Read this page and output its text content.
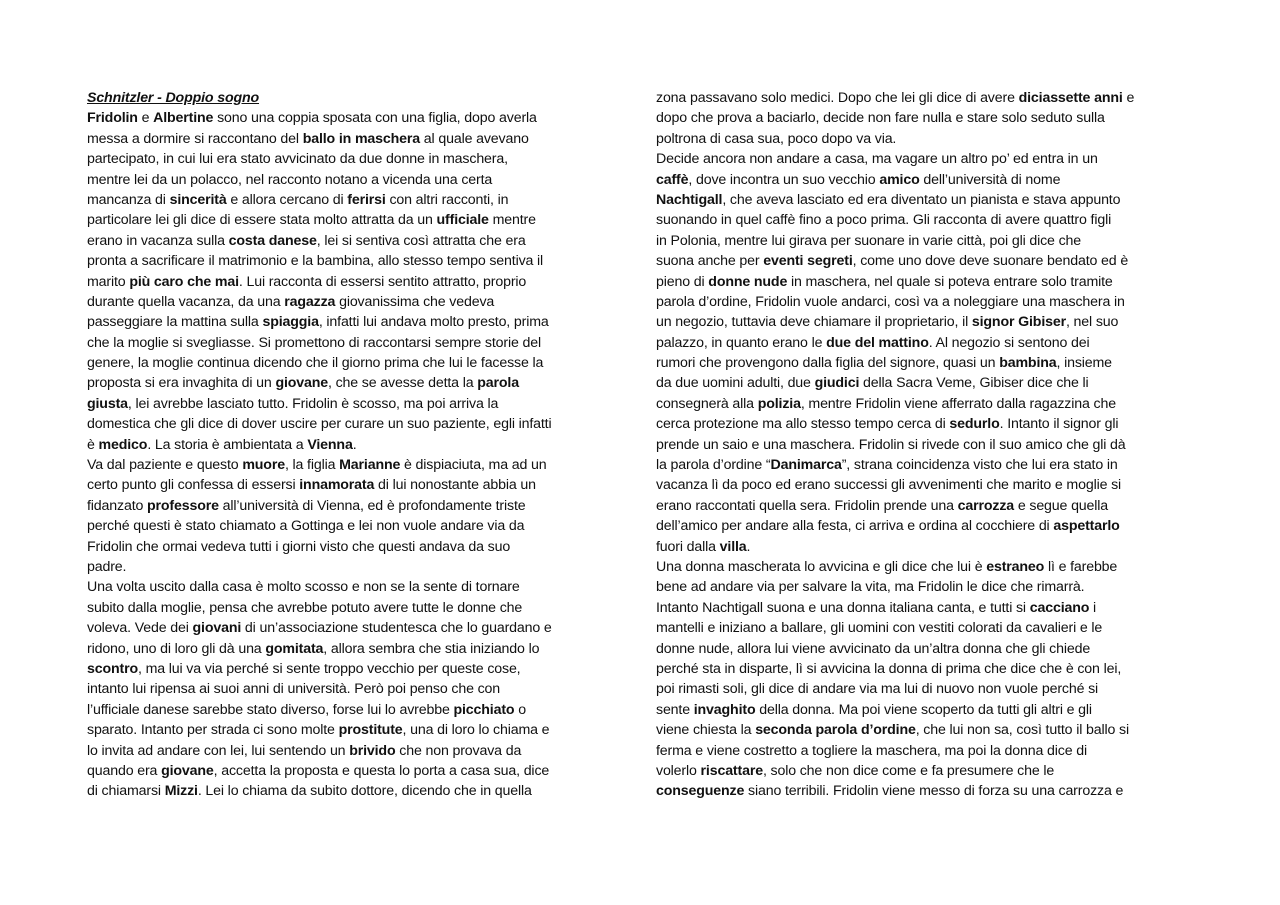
Schnitzler - Doppio sogno
Fridolin e Albertine sono una coppia sposata con una figlia, dopo averla
messa a dormire si raccontano del ballo in maschera al quale avevano
partecipato, in cui lui era stato avvicinato da due donne in maschera,
mentre lei da un polacco, nel racconto notano a vicenda una certa
mancanza di sincerità e allora cercano di ferirsi con altri racconti, in
particolare lei gli dice di essere stata molto attratta da un ufficiale mentre
erano in vacanza sulla costa danese, lei si sentiva così attratta che era
pronta a sacrificare il matrimonio e la bambina, allo stesso tempo sentiva il
marito più caro che mai. Lui racconta di essersi sentito attratto, proprio
durante quella vacanza, da una ragazza giovanissima che vedeva
passeggiare la mattina sulla spiaggia, infatti lui andava molto presto, prima
che la moglie si svegliasse. Si promettono di raccontarsi sempre storie del
genere, la moglie continua dicendo che il giorno prima che lui le facesse la
proposta si era invaghita di un giovane, che se avesse detta la parola
giusta, lei avrebbe lasciato tutto. Fridolin è scosso, ma poi arriva la
domestica che gli dice di dover uscire per curare un suo paziente, egli infatti
è medico. La storia è ambientata a Vienna.
Va dal paziente e questo muore, la figlia Marianne è dispiaciuta, ma ad un
certo punto gli confessa di essersi innamorata di lui nonostante abbia un
fidanzato professore all’università di Vienna, ed è profondamente triste
perché questi è stato chiamato a Gottinga e lei non vuole andare via da
Fridolin che ormai vedeva tutti i giorni visto che questi andava da suo
padre.
Una volta uscito dalla casa è molto scosso e non se la sente di tornare
subito dalla moglie, pensa che avrebbe potuto avere tutte le donne che
voleva. Vede dei giovani di un’associazione studentesca che lo guardano e
ridono, uno di loro gli dà una gomitata, allora sembra che stia iniziando lo
scontro, ma lui va via perché si sente troppo vecchio per queste cose,
intanto lui ripensa ai suoi anni di università. Però poi penso che con
l’ufficiale danese sarebbe stato diverso, forse lui lo avrebbe picchiato o
sparato. Intanto per strada ci sono molte prostitute, una di loro lo chiama e
lo invita ad andare con lei, lui sentendo un brivido che non provava da
quando era giovane, accetta la proposta e questa lo porta a casa sua, dice
di chiamarsi Mizzi. Lei lo chiama da subito dottore, dicendo che in quella
zona passavano solo medici. Dopo che lei gli dice di avere diciassette anni e
dopo che prova a baciarlo, decide non fare nulla e stare solo seduto sulla
poltrona di casa sua, poco dopo va via.
Decide ancora non andare a casa, ma vagare un altro po’ ed entra in un
caffè, dove incontra un suo vecchio amico dell’università di nome
Nachtigall, che aveva lasciato ed era diventato un pianista e stava appunto
suonando in quel caffè fino a poco prima. Gli racconta di avere quattro figli
in Polonia, mentre lui girava per suonare in varie città, poi gli dice che
suona anche per eventi segreti, come uno dove deve suonare bendato ed è
pieno di donne nude in maschera, nel quale si poteva entrare solo tramite
parola d’ordine, Fridolin vuole andarci, così va a noleggiare una maschera in
un negozio, tuttavia deve chiamare il proprietario, il signor Gibiser, nel suo
palazzo, in quanto erano le due del mattino. Al negozio si sentono dei
rumori che provengono dalla figlia del signore, quasi un bambina, insieme
da due uomini adulti, due giudici della Sacra Veme, Gibiser dice che li
consegnerà alla polizia, mentre Fridolin viene afferrato dalla ragazzina che
cerca protezione ma allo stesso tempo cerca di sedurlo. Intanto il signor gli
prende un saio e una maschera. Fridolin si rivede con il suo amico che gli dà
la parola d’ordine “Danimarca”, strana coincidenza visto che lui era stato in
vacanza lì da poco ed erano successi gli avvenimenti che marito e moglie si
erano raccontati quella sera. Fridolin prende una carrozza e segue quella
dell’amico per andare alla festa, ci arriva e ordina al cocchiere di aspettarlo
fuori dalla villa.
Una donna mascherata lo avvicina e gli dice che lui è estraneo lì e farebbe
bene ad andare via per salvare la vita, ma Fridolin le dice che rimarrà.
Intanto Nachtigall suona e una donna italiana canta, e tutti si cacciano i
mantelli e iniziano a ballare, gli uomini con vestiti colorati da cavalieri e le
donne nude, allora lui viene avvicinato da un’altra donna che gli chiede
perché sta in disparte, lì si avvicina la donna di prima che dice che è con lei,
poi rimasti soli, gli dice di andare via ma lui di nuovo non vuole perché si
sente invaghito della donna. Ma poi viene scoperto da tutti gli altri e gli
viene chiesta la seconda parola d’ordine, che lui non sa, così tutto il ballo si
ferma e viene costretto a togliere la maschera, ma poi la donna dice di
volerlo riscattare, solo che non dice come e fa presumere che le
conseguenze siano terribili. Fridolin viene messo di forza su una carrozza e
